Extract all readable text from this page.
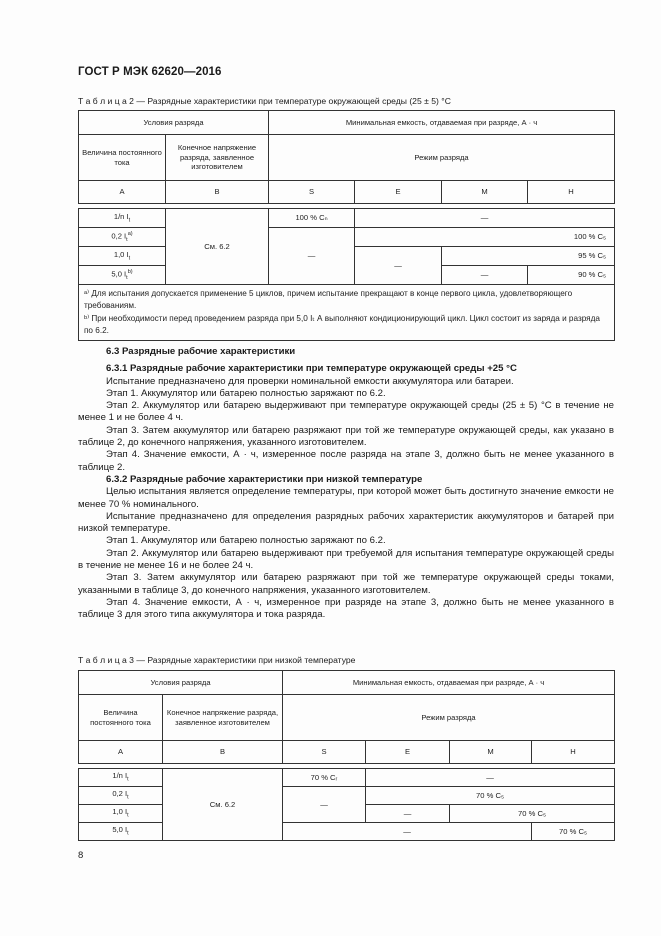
ГОСТ Р МЭК 62620—2016
Т а б л и ц а 2 — Разрядные характеристики при температуре окружающей среды (25 ± 5) °С
Условия разряда		Минимальная емкость, отдаваемая при разряде, А · ч			
Величина постоянного тока	Конечное напряжение разряда, заявленное изготовителем	Режим разряда			
A	B	S	E	M	H

1/n $I_t$	См. 6.2	100 % Cₙ	—		
0,2 $I_t^{a)}$		—	100 % C₅		
1,0 $I_t$			—	95 % C₅	
5,0 $I_t^{b)}$				—	90 % C₅

ᵃ⁾ Для испытания допускается применение 5 циклов, причем испытание прекращают в конце первого цикла, удовлетворяющего требованиям.
ᵇ⁾ При необходимости перед проведением разряда при 5,0 Iₜ А выполняют кондиционирующий цикл. Цикл состоит из заряда и разряда по 6.2.					

6.3 Разрядные рабочие характеристики

6.3.1 Разрядные рабочие характеристики при температуре окружающей среды +25 °С

Испытание предназначено для проверки номинальной емкости аккумулятора или батареи.

Этап 1. Аккумулятор или батарею полностью заряжают по 6.2.

Этап 2. Аккумулятор или батарею выдерживают при температуре окружающей среды (25 ± 5) °С в течение не менее 1 и не более 4 ч.

Этап 3. Затем аккумулятор или батарею разряжают при той же температуре окружающей среды, как указано в таблице 2, до конечного напряжения, указанного изготовителем.

Этап 4. Значение емкости, А · ч, измеренное после разряда на этапе 3, должно быть не менее указанного в таблице 2.

6.3.2 Разрядные рабочие характеристики при низкой температуре

Целью испытания является определение температуры, при которой может быть достигнуто значение емкости не менее 70 % номинального.

Испытание предназначено для определения разрядных рабочих характеристик аккумуляторов и батарей при низкой температуре.

Этап 1. Аккумулятор или батарею полностью заряжают по 6.2.

Этап 2. Аккумулятор или батарею выдерживают при требуемой для испытания температуре окружающей среды в течение не менее 16 и не более 24 ч.

Этап 3. Затем аккумулятор или батарею разряжают при той же температуре окружающей среды токами, указанными в таблице 3, до конечного напряжения, указанного изготовителем.

Этап 4. Значение емкости, А · ч, измеренное при разряде на этапе 3, должно быть не менее указанного в таблице 3 для этого типа аккумулятора и тока разряда.

Т а б л и ц а 3 — Разрядные характеристики при низкой температуре
Условия разряда		Минимальная емкость, отдаваемая при разряде, А · ч			
Величина постоянного тока	Конечное напряжение разряда, заявленное изготовителем	Режим разряда			
A	B	S	E	M	H

1/n $I_t$	См. 6.2	70 % Cᵣ	—		
0,2 $I_t$		—	70 % C₅		
1,0 $I_t$			—	70 % C₅	
5,0 $I_t$		—			70 % C₅
8
